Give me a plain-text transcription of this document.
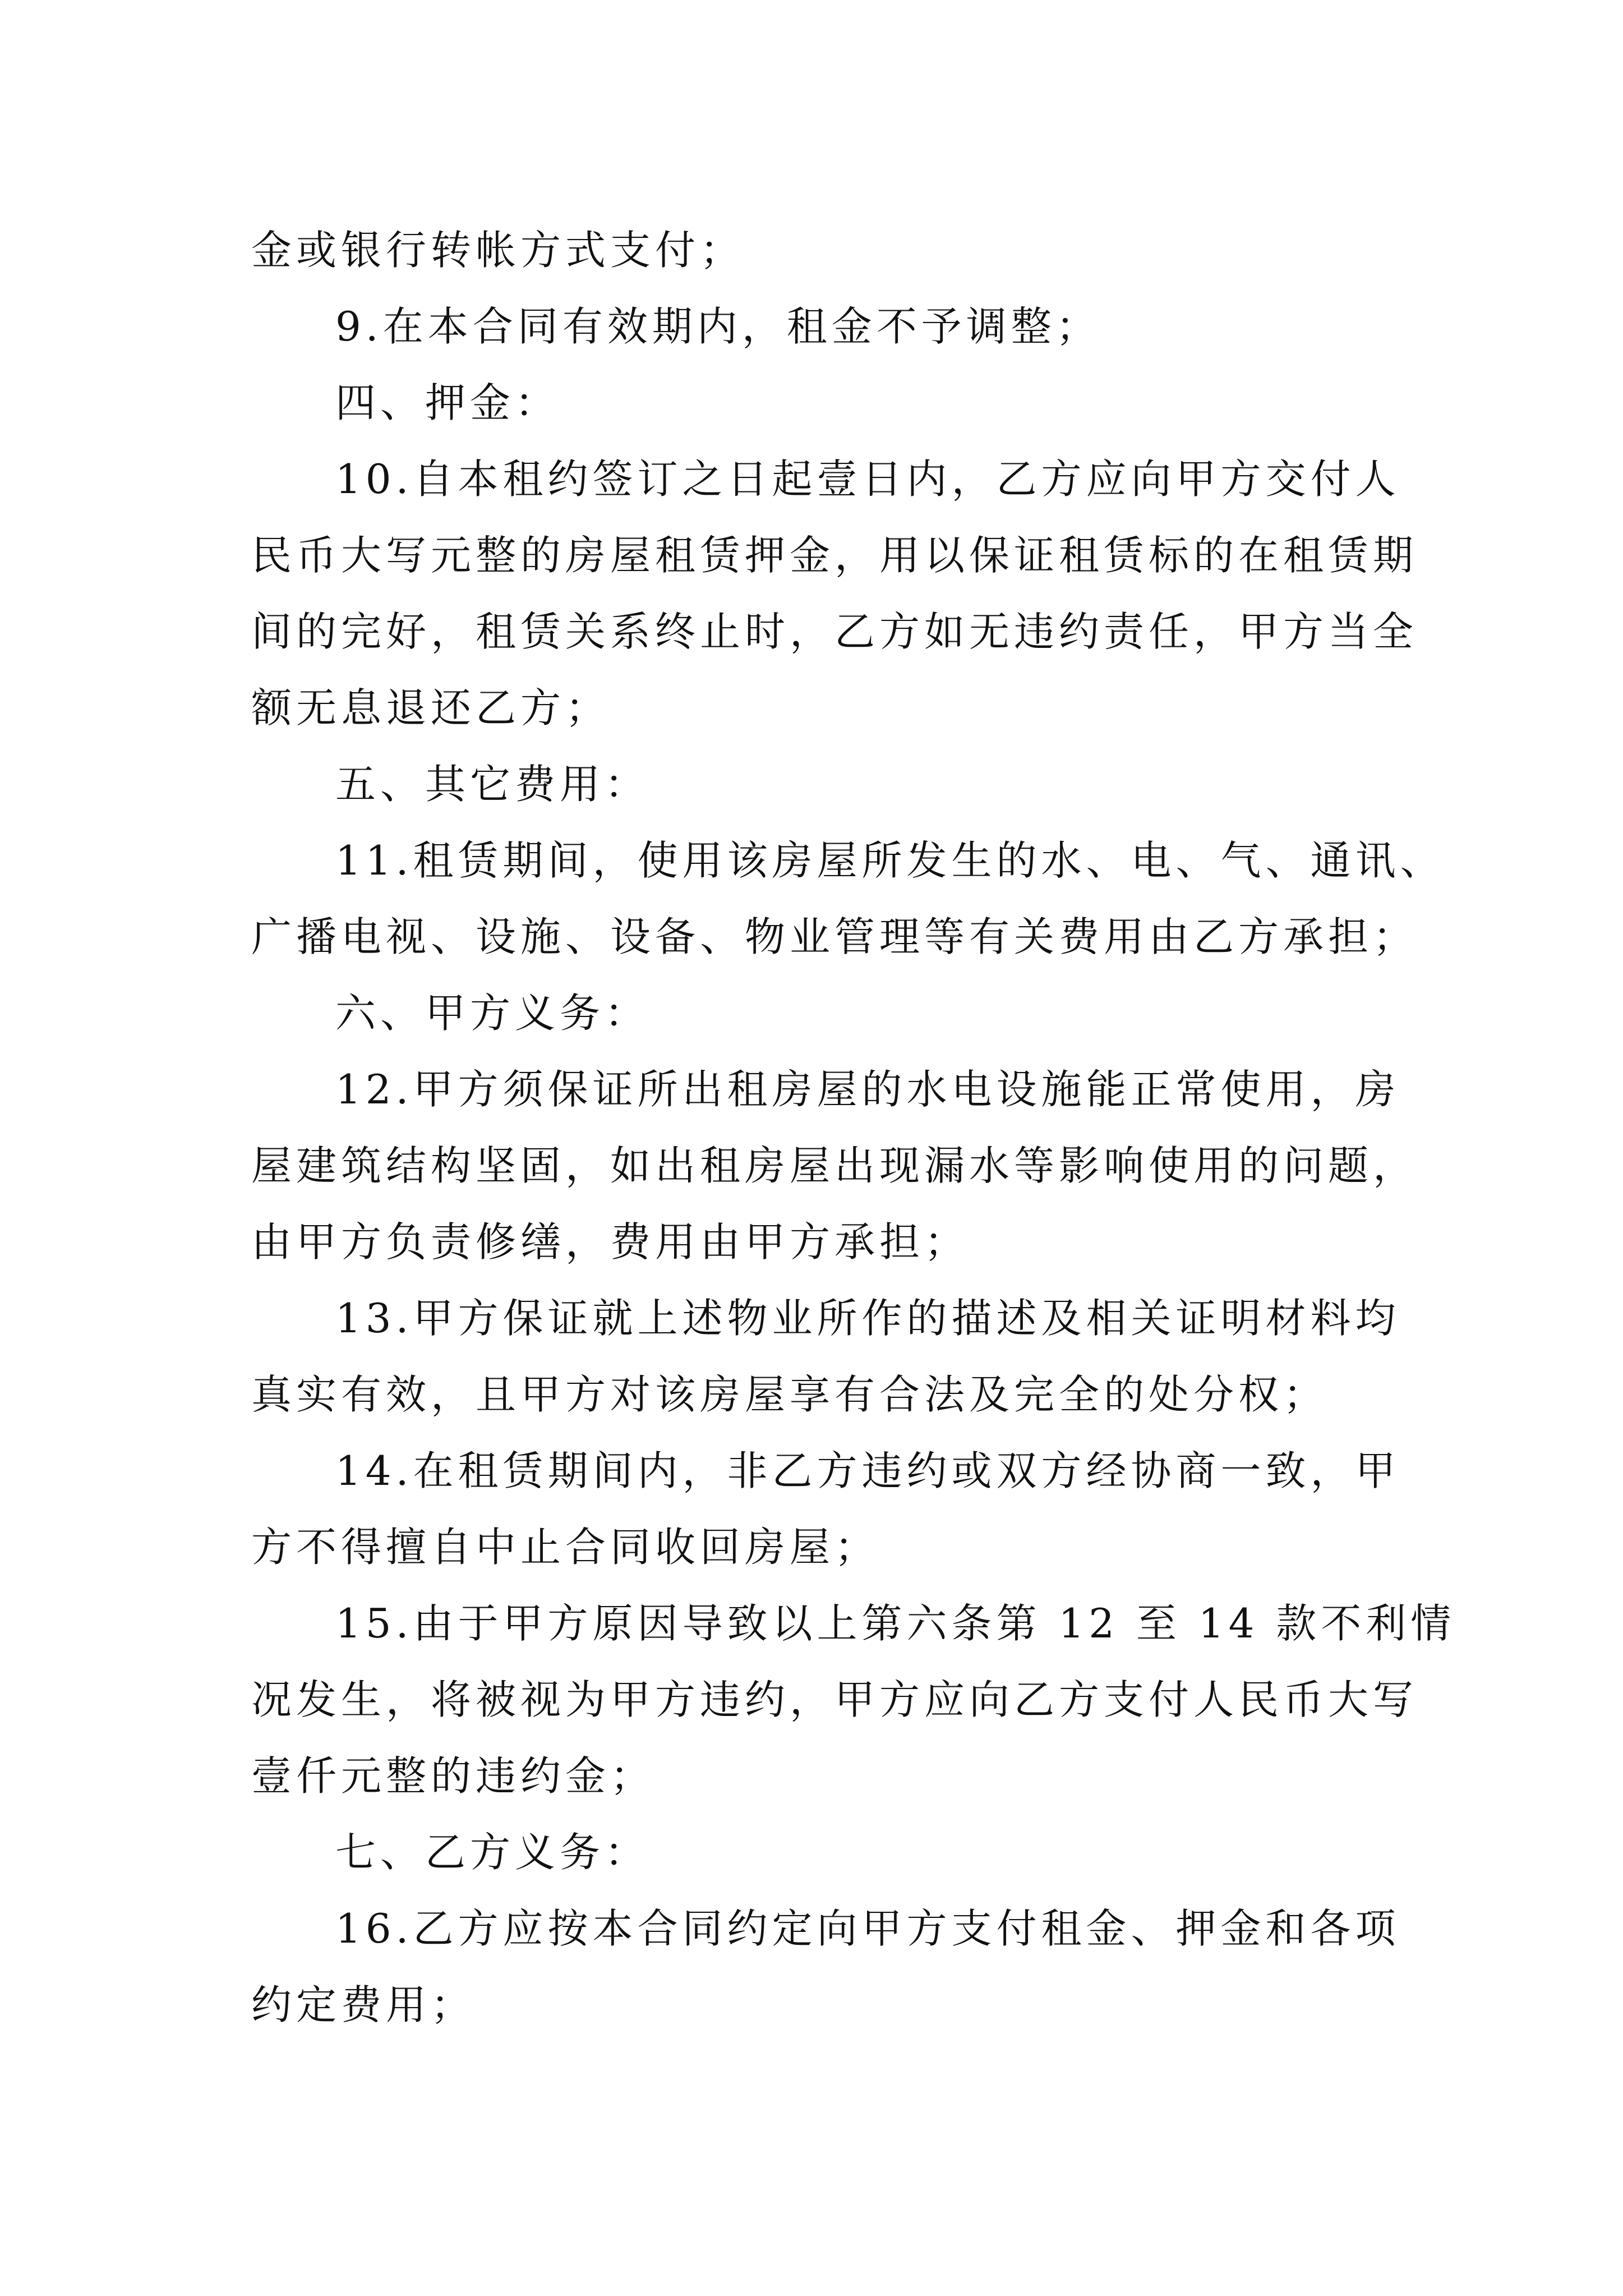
金或银行转帐方式支付；

9.在本合同有效期内，租金不予调整；

四、押金：

10.自本租约签订之日起壹日内，乙方应向甲方交付人

民币大写元整的房屋租赁押金，用以保证租赁标的在租赁期

间的完好，租赁关系终止时，乙方如无违约责任，甲方当全

额无息退还乙方；

五、其它费用：

11.租赁期间，使用该房屋所发生的水、电、气、通讯、

广播电视、设施、设备、物业管理等有关费用由乙方承担；

六、甲方义务：

12.甲方须保证所出租房屋的水电设施能正常使用，房

屋建筑结构坚固，如出租房屋出现漏水等影响使用的问题，

由甲方负责修缮，费用由甲方承担；

13.甲方保证就上述物业所作的描述及相关证明材料均

真实有效，且甲方对该房屋享有合法及完全的处分权；

14.在租赁期间内，非乙方违约或双方经协商一致，甲

方不得擅自中止合同收回房屋；

15.由于甲方原因导致以上第六条第 12 至 14 款不利情

况发生，将被视为甲方违约，甲方应向乙方支付人民币大写

壹仟元整的违约金；

七、乙方义务：

16.乙方应按本合同约定向甲方支付租金、押金和各项

约定费用；
